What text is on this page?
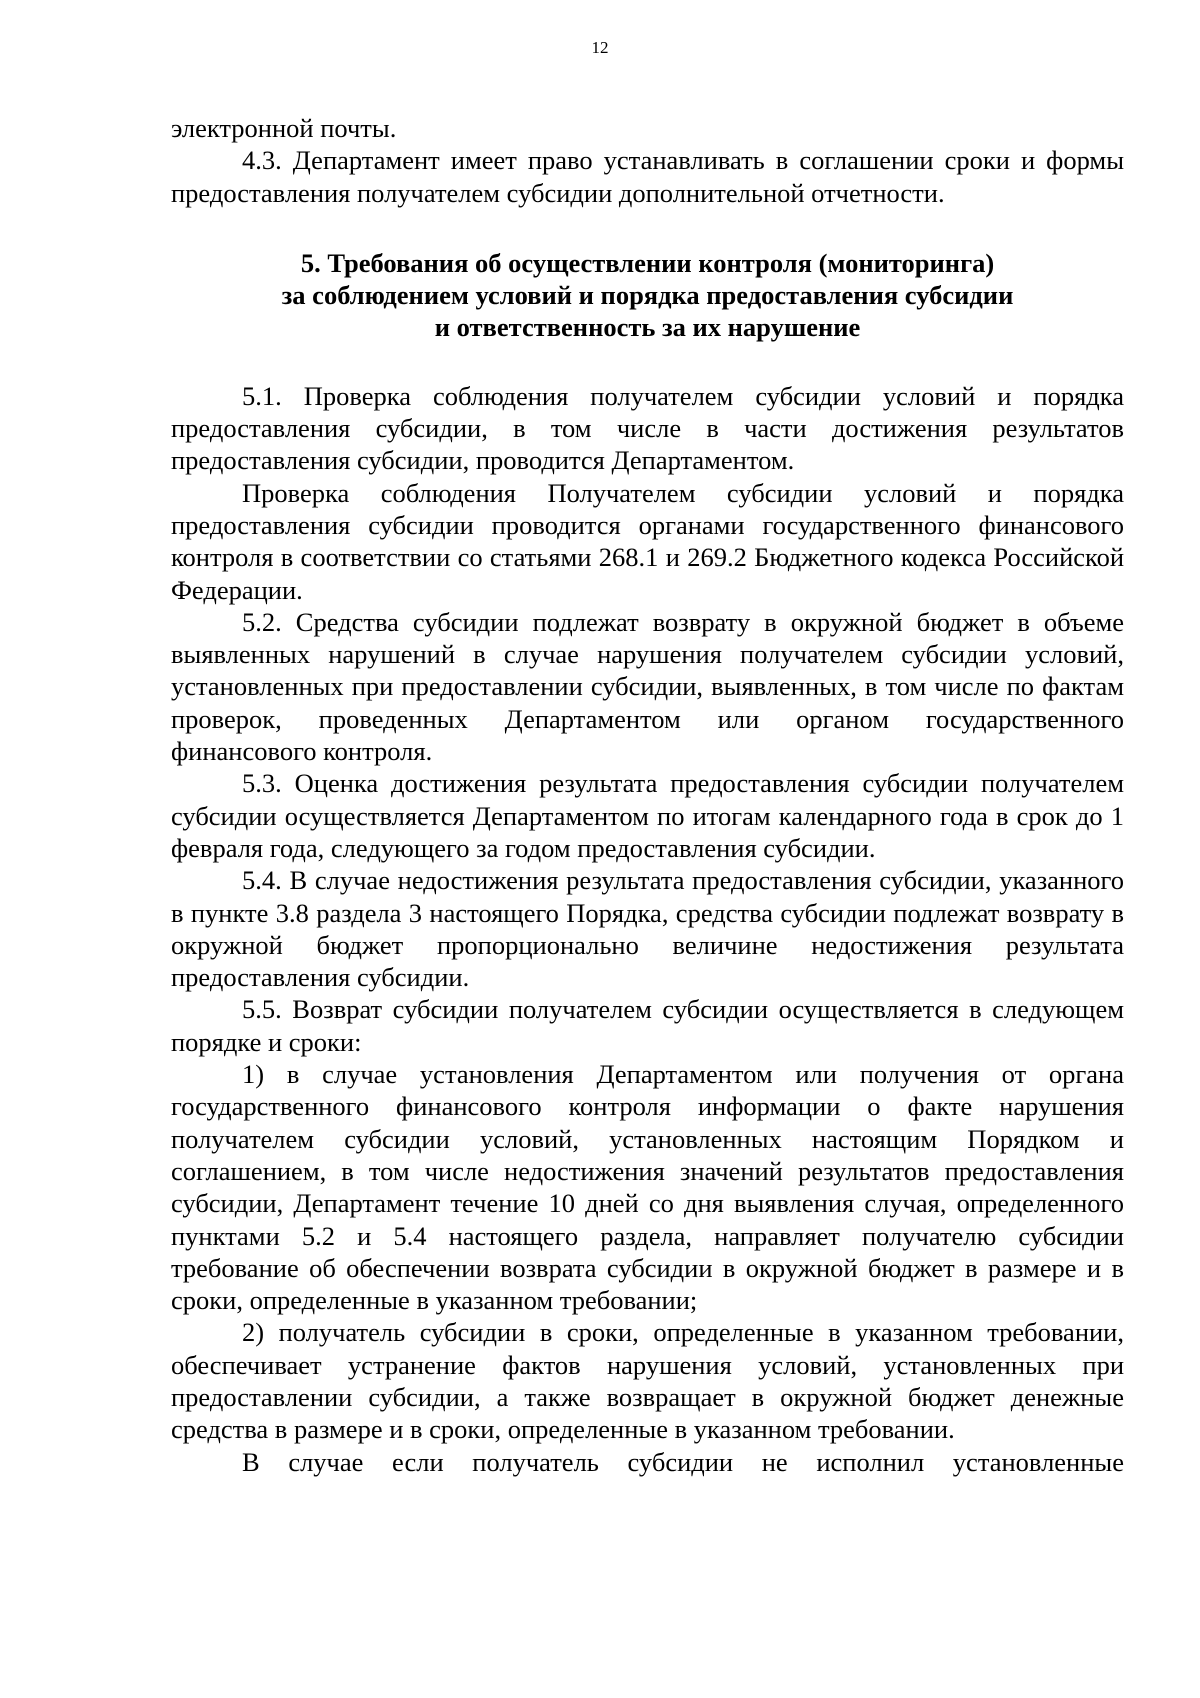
12

электронной почты.

4.3. Департамент имеет право устанавливать в соглашении сроки и формы предоставления получателем субсидии дополнительной отчетности.

5. Требования об осуществлении контроля (мониторинга)
за соблюдением условий и порядка предоставления субсидии
и ответственность за их нарушение

5.1. Проверка соблюдения получателем субсидии условий и порядка предоставления субсидии, в том числе в части достижения результатов предоставления субсидии, проводится Департаментом.

Проверка соблюдения Получателем субсидии условий и порядка предоставления субсидии проводится органами государственного финансового контроля в соответствии со статьями 268.1 и 269.2 Бюджетного кодекса Российской Федерации.

5.2. Средства субсидии подлежат возврату в окружной бюджет в объеме выявленных нарушений в случае нарушения получателем субсидии условий, установленных при предоставлении субсидии, выявленных, в том числе по фактам проверок, проведенных Департаментом или органом государственного финансового контроля.

5.3. Оценка достижения результата предоставления субсидии получателем субсидии осуществляется Департаментом по итогам календарного года в срок до 1 февраля года, следующего за годом предоставления субсидии.

5.4. В случае недостижения результата предоставления субсидии, указанного в пункте 3.8 раздела 3 настоящего Порядка, средства субсидии подлежат возврату в окружной бюджет пропорционально величине недостижения результата предоставления субсидии.

5.5. Возврат субсидии получателем субсидии осуществляется в следующем порядке и сроки:

1) в случае установления Департаментом или получения от органа государственного финансового контроля информации о факте нарушения получателем субсидии условий, установленных настоящим Порядком и соглашением, в том числе недостижения значений результатов предоставления субсидии, Департамент течение 10 дней со дня выявления случая, определенного пунктами 5.2 и 5.4 настоящего раздела, направляет получателю субсидии требование об обеспечении возврата субсидии в окружной бюджет в размере и в сроки, определенные в указанном требовании;

2) получатель субсидии в сроки, определенные в указанном требовании, обеспечивает устранение фактов нарушения условий, установленных при предоставлении субсидии, а также возвращает в окружной бюджет денежные средства в размере и в сроки, определенные в указанном требовании.

В случае если получатель субсидии не исполнил установленные
